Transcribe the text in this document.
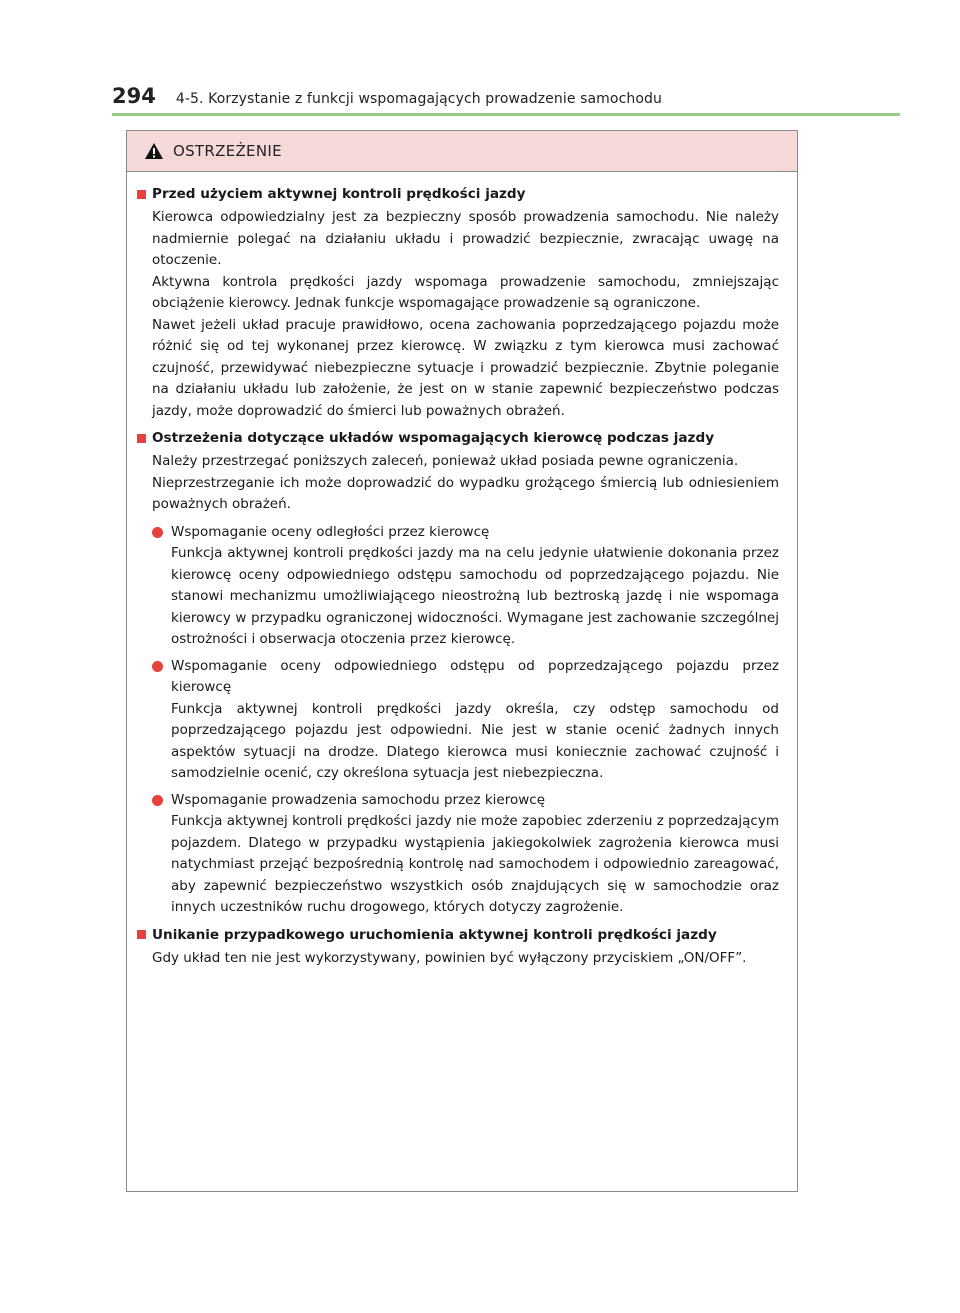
294 4-5. Korzystanie z funkcji wspomagających prowadzenie samochodu
OSTRZEŻENIE
Przed użyciem aktywnej kontroli prędkości jazdy

Kierowca odpowiedzialny jest za bezpieczny sposób prowadzenia samochodu. Nie należy nadmiernie polegać na działaniu układu i prowadzić bezpiecznie, zwracając uwagę na otoczenie.

Aktywna kontrola prędkości jazdy wspomaga prowadzenie samochodu, zmniejszając obciążenie kierowcy. Jednak funkcje wspomagające prowadzenie są ograniczone.

Nawet jeżeli układ pracuje prawidłowo, ocena zachowania poprzedzającego pojazdu może różnić się od tej wykonanej przez kierowcę. W związku z tym kierowca musi zachować czujność, przewidywać niebezpieczne sytuacje i prowadzić bezpiecznie. Zbytnie poleganie na działaniu układu lub założenie, że jest on w stanie zapewnić bezpieczeństwo podczas jazdy, może doprowadzić do śmierci lub poważnych obrażeń.

Ostrzeżenia dotyczące układów wspomagających kierowcę podczas jazdy

Należy przestrzegać poniższych zaleceń, ponieważ układ posiada pewne ograniczenia.

Nieprzestrzeganie ich może doprowadzić do wypadku grożącego śmiercią lub odniesieniem poważnych obrażeń.

Wspomaganie oceny odległości przez kierowcę

Funkcja aktywnej kontroli prędkości jazdy ma na celu jedynie ułatwienie dokonania przez kierowcę oceny odpowiedniego odstępu samochodu od poprzedzającego pojazdu. Nie stanowi mechanizmu umożliwiającego nieostrożną lub beztroską jazdę i nie wspomaga kierowcy w przypadku ograniczonej widoczności. Wymagane jest zachowanie szczególnej ostrożności i obserwacja otoczenia przez kierowcę.

Wspomaganie oceny odpowiedniego odstępu od poprzedzającego pojazdu przez kierowcę

Funkcja aktywnej kontroli prędkości jazdy określa, czy odstęp samochodu od poprzedzającego pojazdu jest odpowiedni. Nie jest w stanie ocenić żadnych innych aspektów sytuacji na drodze. Dlatego kierowca musi koniecznie zachować czujność i samodzielnie ocenić, czy określona sytuacja jest niebezpieczna.

Wspomaganie prowadzenia samochodu przez kierowcę

Funkcja aktywnej kontroli prędkości jazdy nie może zapobiec zderzeniu z poprzedzającym pojazdem. Dlatego w przypadku wystąpienia jakiegokolwiek zagrożenia kierowca musi natychmiast przejąć bezpośrednią kontrolę nad samochodem i odpowiednio zareagować, aby zapewnić bezpieczeństwo wszystkich osób znajdujących się w samochodzie oraz innych uczestników ruchu drogowego, których dotyczy zagrożenie.

Unikanie przypadkowego uruchomienia aktywnej kontroli prędkości jazdy

Gdy układ ten nie jest wykorzystywany, powinien być wyłączony przyciskiem „ON/OFF”.
